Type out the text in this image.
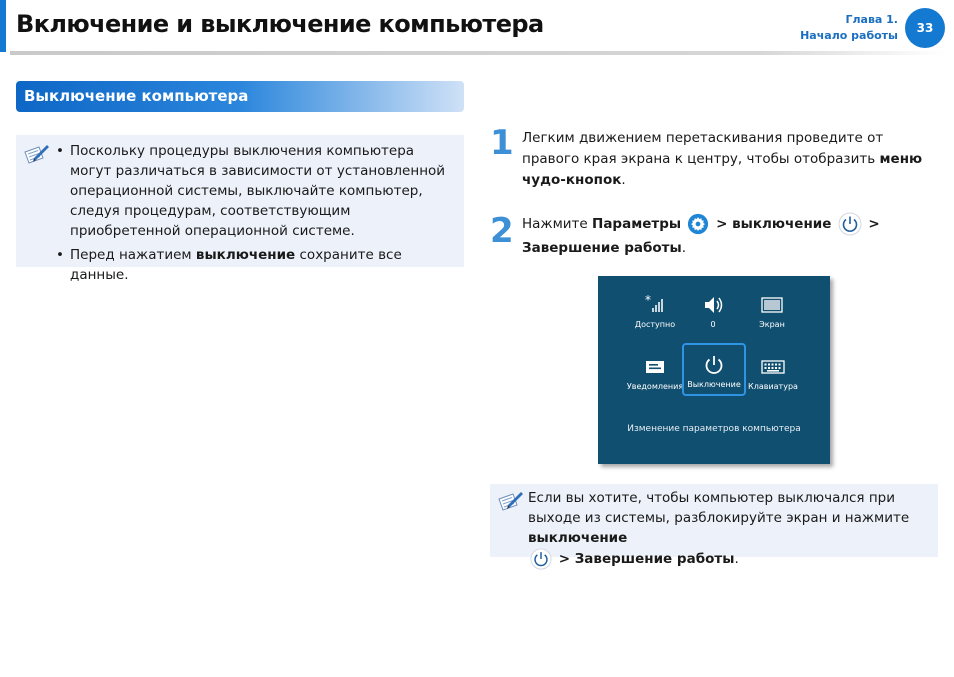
Включение и выключение компьютера	Глава 1.
Начало работы
33
Выключение компьютера
• Поскольку процедуры выключения компьютера могут различаться в зависимости от установленной операционной системы, выключайте компьютер, следуя процедурам, соответствующим приобретенной операционной системе.
• Перед нажатием выключение сохраните все данные.
1 Легким движением перетаскивания проведите от правого края экрана к центру, чтобы отобразить меню чудо-кнопок.
2 Нажмите Параметры  > выключение  >
Завершение работы.
*
Доступно	0	Экран
Уведомления Выключение Клавиатура
Изменение параметров компьютера
Если вы хотите, чтобы компьютер выключался при выходе из системы, разблокируйте экран и нажмите выключение
> Завершение работы.
